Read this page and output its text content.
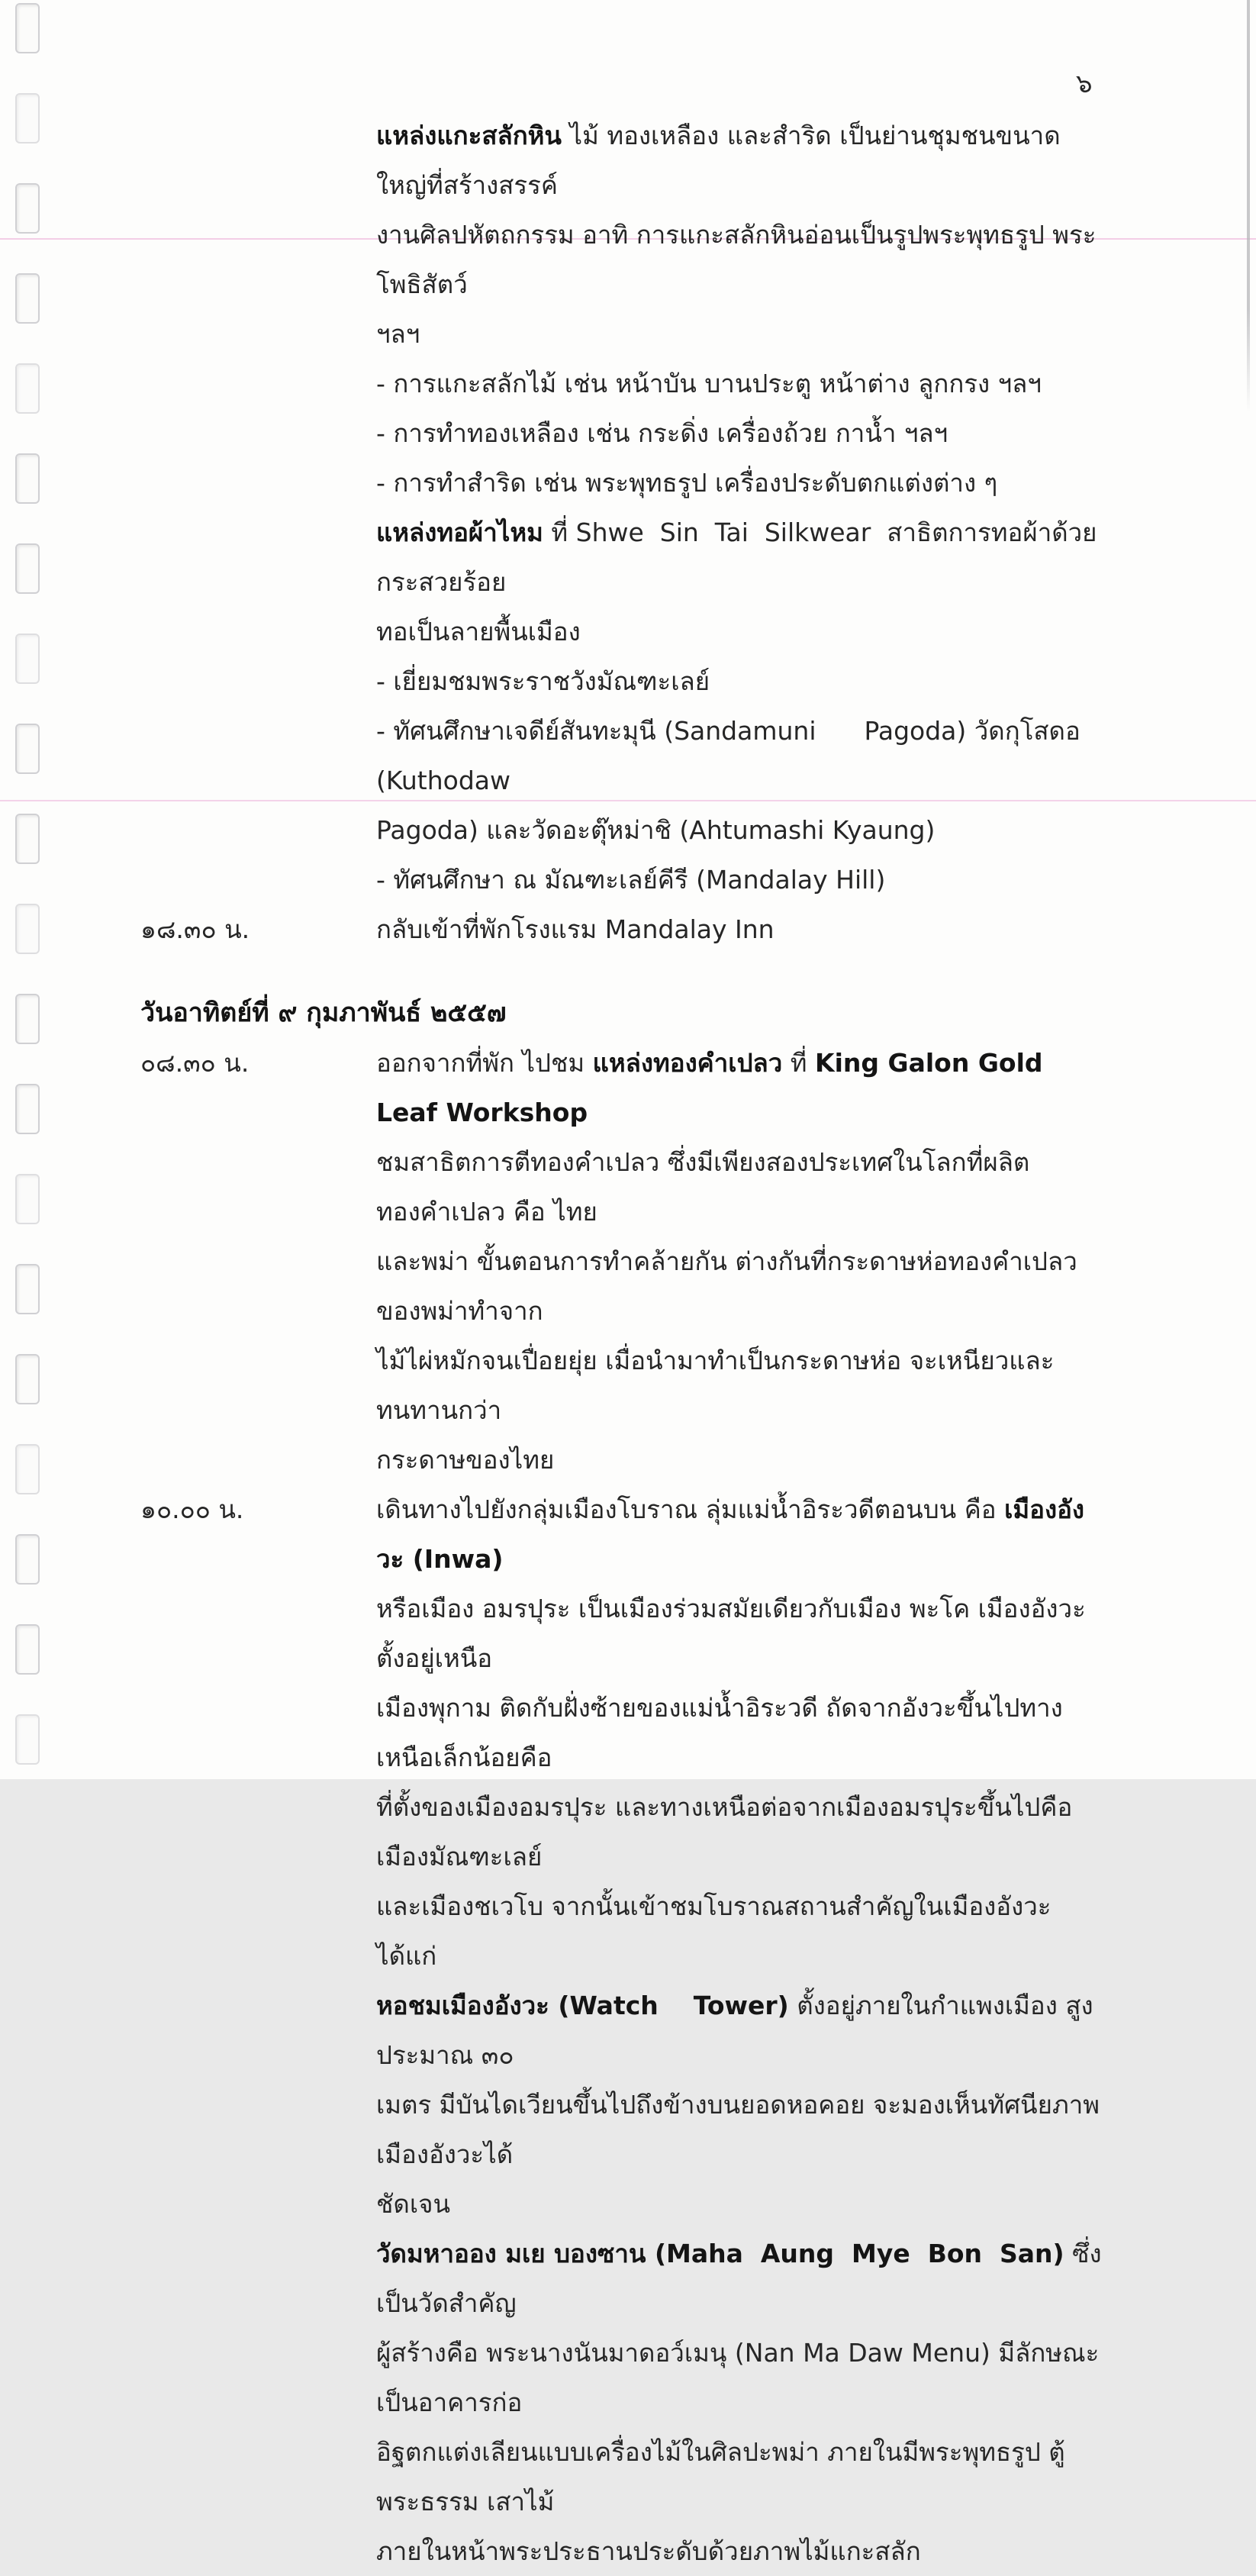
๖
แหล่งแกะสลักหิน ไม้ ทองเหลือง และสำริด เป็นย่านชุมชนขนาดใหญ่ที่สร้างสรรค์
งานศิลปหัตถกรรม อาทิ การแกะสลักหินอ่อนเป็นรูปพระพุทธรูป พระโพธิสัตว์
ฯลฯ
- การแกะสลักไม้ เช่น หน้าบัน บานประตู หน้าต่าง ลูกกรง ฯลฯ
- การทำทองเหลือง เช่น กระดิ่ง เครื่องถ้วย กาน้ำ ฯลฯ
- การทำสำริด เช่น พระพุทธรูป เครื่องประดับตกแต่งต่าง ๆ
แหล่งทอผ้าไหม ที่ Shwe  Sin  Tai  Silkwear  สาธิตการทอผ้าด้วยกระสวยร้อย
ทอเป็นลายพื้นเมือง
- เยี่ยมชมพระราชวังมัณฑะเลย์
- ทัศนศึกษาเจดีย์สันทะมุนี (Sandamuni      Pagoda) วัดกุโสดอ (Kuthodaw
Pagoda) และวัดอะตุ๊หม่าชิ (Ahtumashi Kyaung)
- ทัศนศึกษา ณ มัณฑะเลย์คีรี (Mandalay Hill)
๑๘.๓๐ น.	กลับเข้าที่พักโรงแรม Mandalay Inn
วันอาทิตย์ที่ ๙ กุมภาพันธ์ ๒๕๕๗
๐๘.๓๐ น.	ออกจากที่พัก ไปชม แหล่งทองคำเปลว ที่ King Galon Gold Leaf Workshop
ชมสาธิตการตีทองคำเปลว ซึ่งมีเพียงสองประเทศในโลกที่ผลิตทองคำเปลว คือ ไทย
และพม่า ขั้นตอนการทำคล้ายกัน ต่างกันที่กระดาษห่อทองคำเปลวของพม่าทำจาก
ไม้ไผ่หมักจนเปื่อยยุ่ย เมื่อนำมาทำเป็นกระดาษห่อ จะเหนียวและทนทานกว่า
กระดาษของไทย
๑๐.๐๐ น.	เดินทางไปยังกลุ่มเมืองโบราณ ลุ่มแม่น้ำอิระวดีตอนบน คือ เมืองอังวะ (Inwa)
หรือเมือง อมรปุระ เป็นเมืองร่วมสมัยเดียวกับเมือง พะโค เมืองอังวะตั้งอยู่เหนือ
เมืองพุกาม ติดกับฝั่งซ้ายของแม่น้ำอิระวดี ถัดจากอังวะขึ้นไปทางเหนือเล็กน้อยคือ
ที่ตั้งของเมืองอมรปุระ และทางเหนือต่อจากเมืองอมรปุระขึ้นไปคือเมืองมัณฑะเลย์
และเมืองชเวโบ จากนั้นเข้าชมโบราณสถานสำคัญในเมืองอังวะ ได้แก่
หอชมเมืองอังวะ (Watch    Tower) ตั้งอยู่ภายในกำแพงเมือง สูงประมาณ ๓๐
เมตร มีบันไดเวียนขึ้นไปถึงข้างบนยอดหอคอย จะมองเห็นทัศนียภาพเมืองอังวะได้
ชัดเจน
วัดมหาออง มเย บองซาน (Maha  Aung  Mye  Bon  San) ซึ่งเป็นวัดสำคัญ
ผู้สร้างคือ พระนางนันมาดอว์เมนุ (Nan Ma Daw Menu) มีลักษณะเป็นอาคารก่อ
อิฐตกแต่งเลียนแบบเครื่องไม้ในศิลปะพม่า ภายในมีพระพุทธรูป ตู้พระธรรม เสาไม้
ภายในหน้าพระประธานประดับด้วยภาพไม้แกะสลัก
